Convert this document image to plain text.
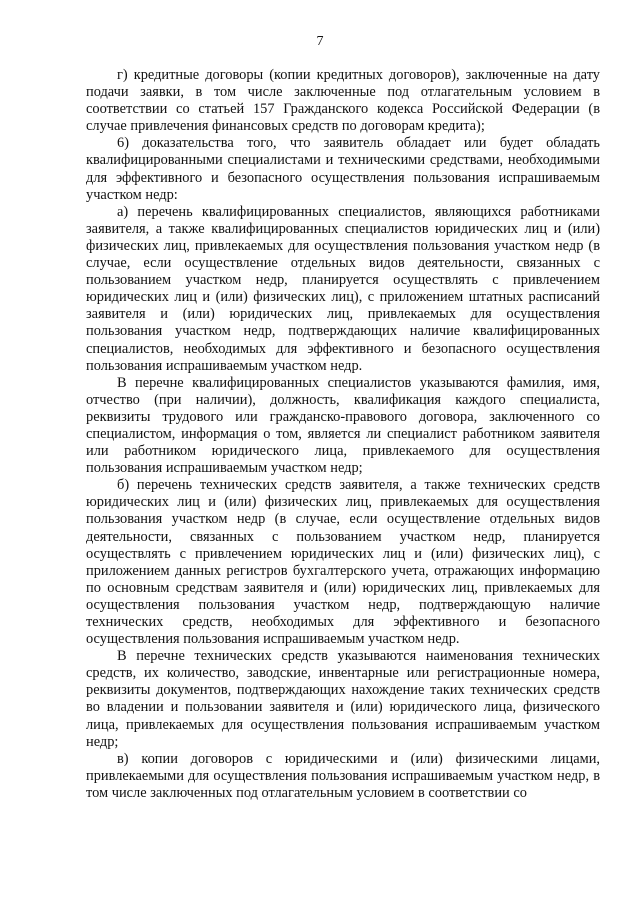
7

г) кредитные договоры (копии кредитных договоров), заключенные на дату подачи заявки, в том числе заключенные под отлагательным условием в соответствии со статьей 157 Гражданского кодекса Российской Федерации (в случае привлечения финансовых средств по договорам кредита);

6) доказательства того, что заявитель обладает или будет обладать квалифицированными специалистами и техническими средствами, необходимыми для эффективного и безопасного осуществления пользования испрашиваемым участком недр:

а) перечень квалифицированных специалистов, являющихся работниками заявителя, а также квалифицированных специалистов юридических лиц и (или) физических лиц, привлекаемых для осуществления пользования участком недр (в случае, если осуществление отдельных видов деятельности, связанных с пользованием участком недр, планируется осуществлять с привлечением юридических лиц и (или) физических лиц), с приложением штатных расписаний заявителя и (или) юридических лиц, привлекаемых для осуществления пользования участком недр, подтверждающих наличие квалифицированных специалистов, необходимых для эффективного и безопасного осуществления пользования испрашиваемым участком недр.

В перечне квалифицированных специалистов указываются фамилия, имя, отчество (при наличии), должность, квалификация каждого специалиста, реквизиты трудового или гражданско-правового договора, заключенного со специалистом, информация о том, является ли специалист работником заявителя или работником юридического лица, привлекаемого для осуществления пользования испрашиваемым участком недр;

б) перечень технических средств заявителя, а также технических средств юридических лиц и (или) физических лиц, привлекаемых для осуществления пользования участком недр (в случае, если осуществление отдельных видов деятельности, связанных с пользованием участком недр, планируется осуществлять с привлечением юридических лиц и (или) физических лиц), с приложением данных регистров бухгалтерского учета, отражающих информацию по основным средствам заявителя и (или) юридических лиц, привлекаемых для осуществления пользования участком недр, подтверждающую наличие технических средств, необходимых для эффективного и безопасного осуществления пользования испрашиваемым участком недр.

В перечне технических средств указываются наименования технических средств, их количество, заводские, инвентарные или регистрационные номера, реквизиты документов, подтверждающих нахождение таких технических средств во владении и пользовании заявителя и (или) юридического лица, физического лица, привлекаемых для осуществления пользования испрашиваемым участком недр;

в) копии договоров с юридическими и (или) физическими лицами, привлекаемыми для осуществления пользования испрашиваемым участком недр, в том числе заключенных под отлагательным условием в соответствии со
